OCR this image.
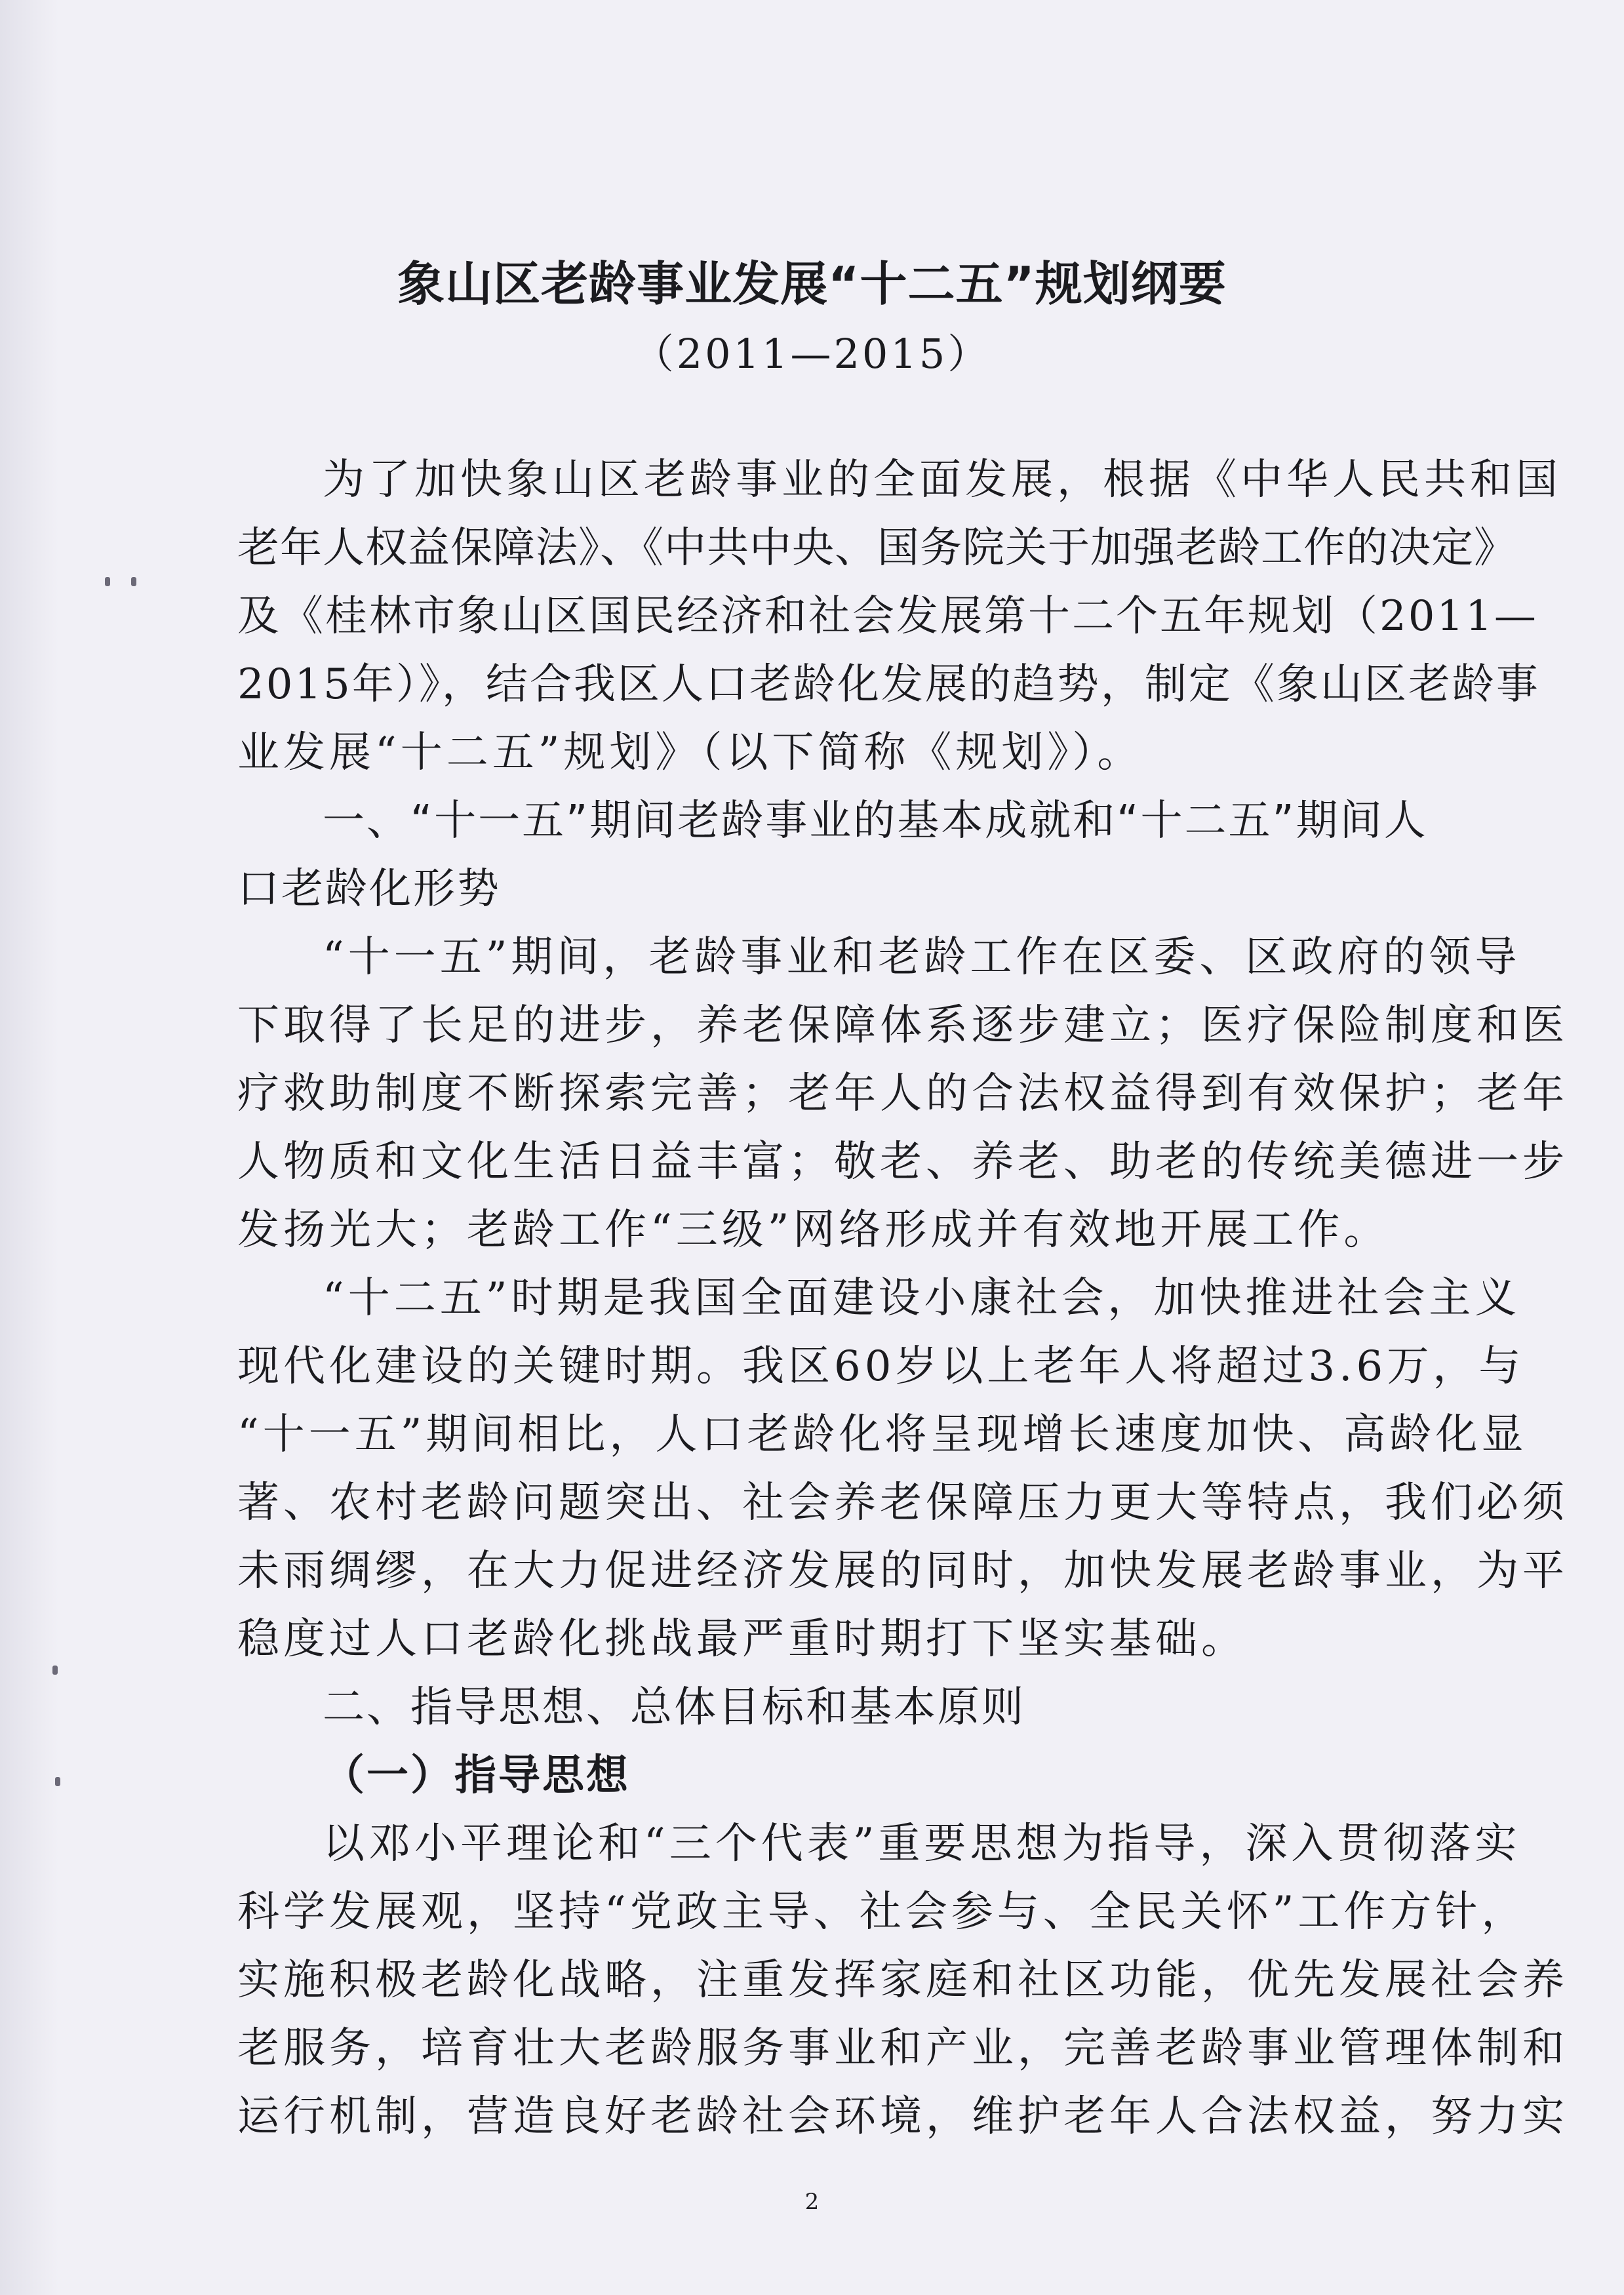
象山区老龄事业发展“十二五”规划纲要
（2011—2015）
为了加快象山区老龄事业的全面发展，根据《中华人民共和国
老年人权益保障法》、《中共中央、国务院关于加强老龄工作的决定》
及《桂林市象山区国民经济和社会发展第十二个五年规划（2011—
2015年）》，结合我区人口老龄化发展的趋势，制定《象山区老龄事
业发展“十二五”规划》（以下简称《规划》）。
一、“十一五”期间老龄事业的基本成就和“十二五”期间人
口老龄化形势
“十一五”期间，老龄事业和老龄工作在区委、区政府的领导
下取得了长足的进步，养老保障体系逐步建立；医疗保险制度和医
疗救助制度不断探索完善；老年人的合法权益得到有效保护；老年
人物质和文化生活日益丰富；敬老、养老、助老的传统美德进一步
发扬光大；老龄工作“三级”网络形成并有效地开展工作。
“十二五”时期是我国全面建设小康社会，加快推进社会主义
现代化建设的关键时期。我区60岁以上老年人将超过3.6万，与
“十一五”期间相比，人口老龄化将呈现增长速度加快、高龄化显
著、农村老龄问题突出、社会养老保障压力更大等特点，我们必须
未雨绸缪，在大力促进经济发展的同时，加快发展老龄事业，为平
稳度过人口老龄化挑战最严重时期打下坚实基础。
二、指导思想、总体目标和基本原则
（一）指导思想
以邓小平理论和“三个代表”重要思想为指导，深入贯彻落实
科学发展观，坚持“党政主导、社会参与、全民关怀”工作方针，
实施积极老龄化战略，注重发挥家庭和社区功能，优先发展社会养
老服务，培育壮大老龄服务事业和产业，完善老龄事业管理体制和
运行机制，营造良好老龄社会环境，维护老年人合法权益，努力实
2
